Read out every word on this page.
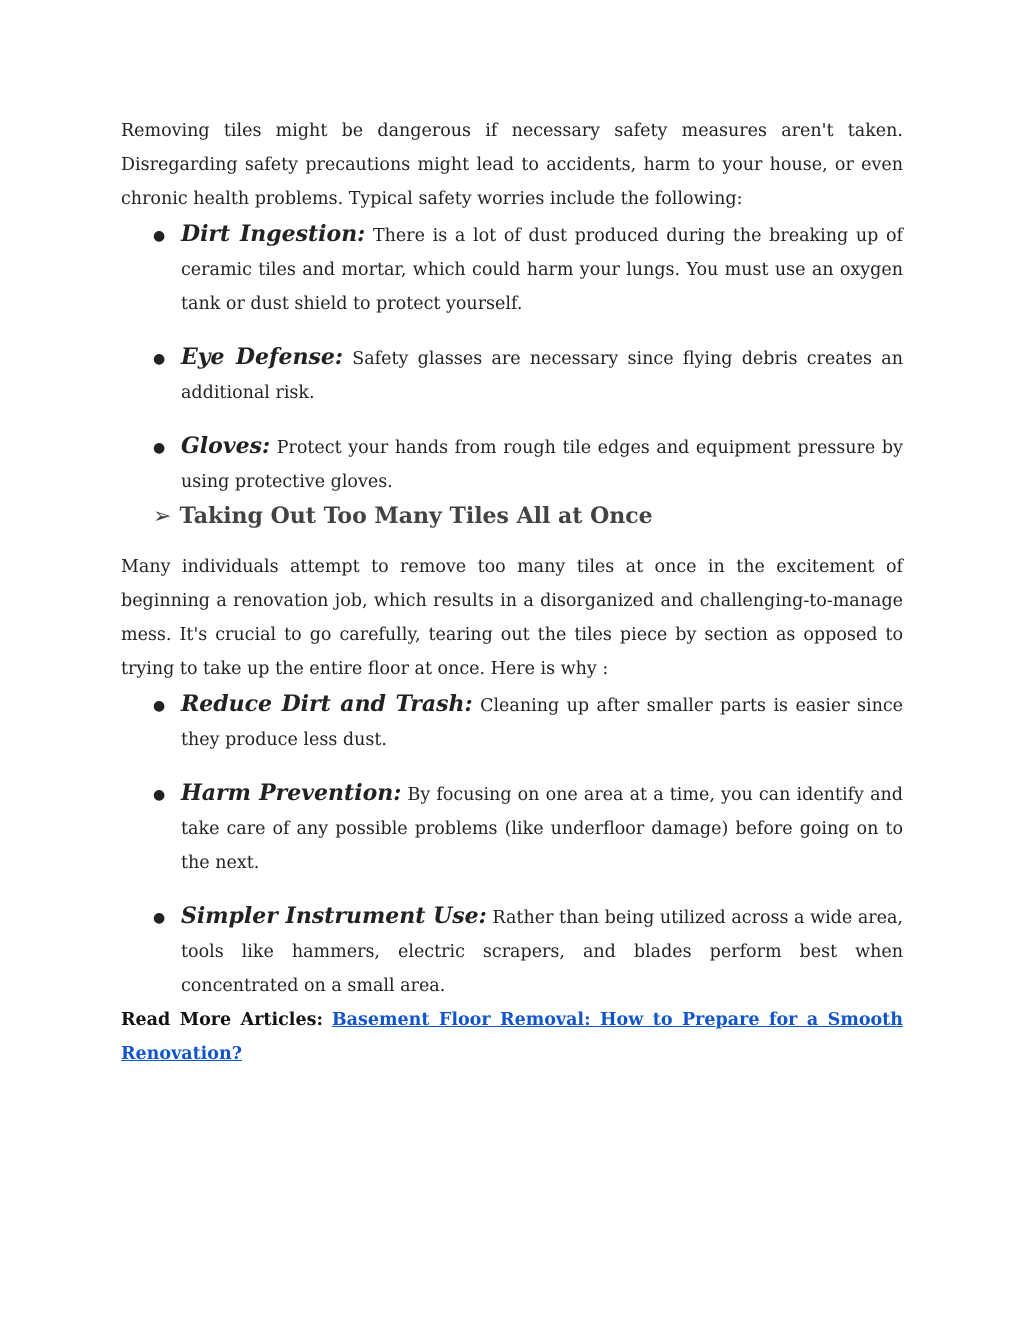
Removing tiles might be dangerous if necessary safety measures aren't taken. Disregarding safety precautions might lead to accidents, harm to your house, or even chronic health problems. Typical safety worries include the following:

● Dirt Ingestion: There is a lot of dust produced during the breaking up of ceramic tiles and mortar, which could harm your lungs. You must use an oxygen tank or dust shield to protect yourself.
● Eye Defense: Safety glasses are necessary since flying debris creates an additional risk.
● Gloves: Protect your hands from rough tile edges and equipment pressure by using protective gloves.
➢ Taking Out Too Many Tiles All at Once

Many individuals attempt to remove too many tiles at once in the excitement of beginning a renovation job, which results in a disorganized and challenging-to-manage mess. It's crucial to go carefully, tearing out the tiles piece by section as opposed to trying to take up the entire floor at once. Here is why :

● Reduce Dirt and Trash: Cleaning up after smaller parts is easier since they produce less dust.
● Harm Prevention: By focusing on one area at a time, you can identify and take care of any possible problems (like underfloor damage) before going on to the next.
● Simpler Instrument Use: Rather than being utilized across a wide area, tools like hammers, electric scrapers, and blades perform best when concentrated on a small area.

Read More Articles: Basement Floor Removal: How to Prepare for a Smooth Renovation?
